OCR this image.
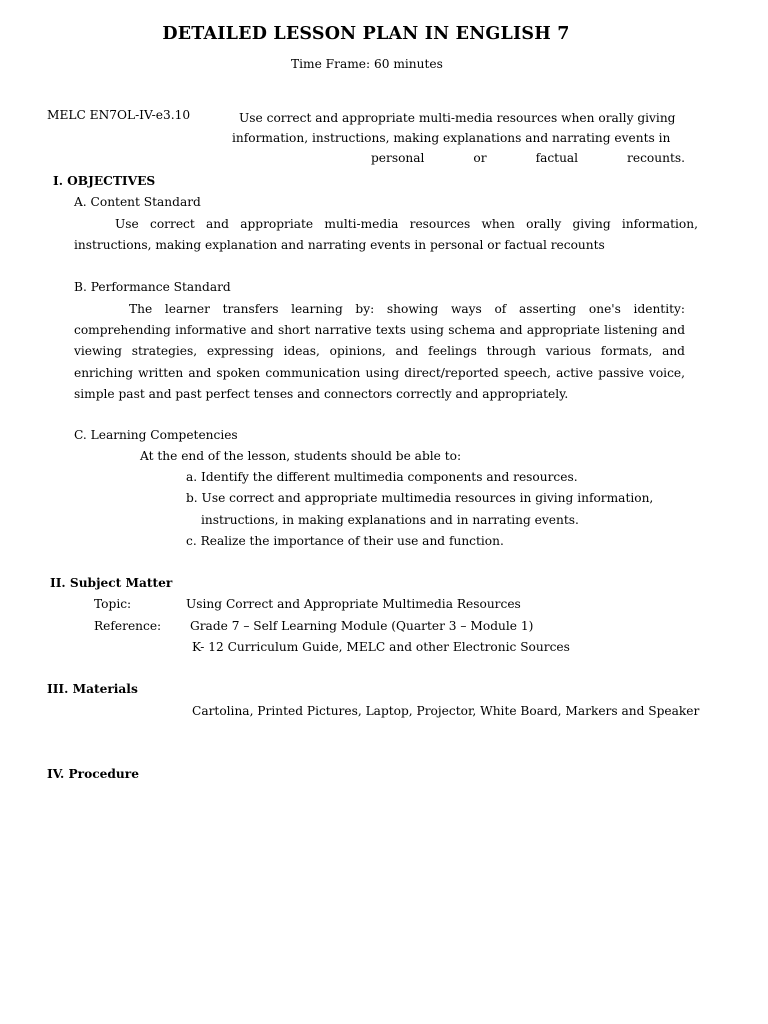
DETAILED LESSON PLAN IN ENGLISH 7
Time Frame: 60 minutes
MELC EN7OL-IV-e3.10	Use correct and appropriate multi-media resources when orally giving
information, instructions, making explanations and narrating events in
personal	or	factual	recounts.
I. OBJECTIVES
A. Content Standard
Use correct and appropriate multi-media resources when orally giving information, instructions, making explanation and narrating events in personal or factual recounts
B. Performance Standard
The learner transfers learning by: showing ways of asserting one's identity: comprehending informative and short narrative texts using schema and appropriate listening and viewing strategies, expressing ideas, opinions, and feelings through various formats, and enriching written and spoken communication using direct/reported speech, active passive voice, simple past and past perfect tenses and connectors correctly and appropriately.
C. Learning Competencies
At the end of the lesson, students should be able to:
a. Identify the different multimedia components and resources.
b. Use correct and appropriate multimedia resources in giving information,
instructions, in making explanations and in narrating events.
c. Realize the importance of their use and function.
II. Subject Matter
Topic:	Using Correct and Appropriate Multimedia Resources
Reference: Grade 7 – Self Learning Module (Quarter 3 – Module 1)
K- 12 Curriculum Guide, MELC and other Electronic Sources
III. Materials
Cartolina, Printed Pictures, Laptop, Projector, White Board, Markers and Speaker
IV. Procedure
